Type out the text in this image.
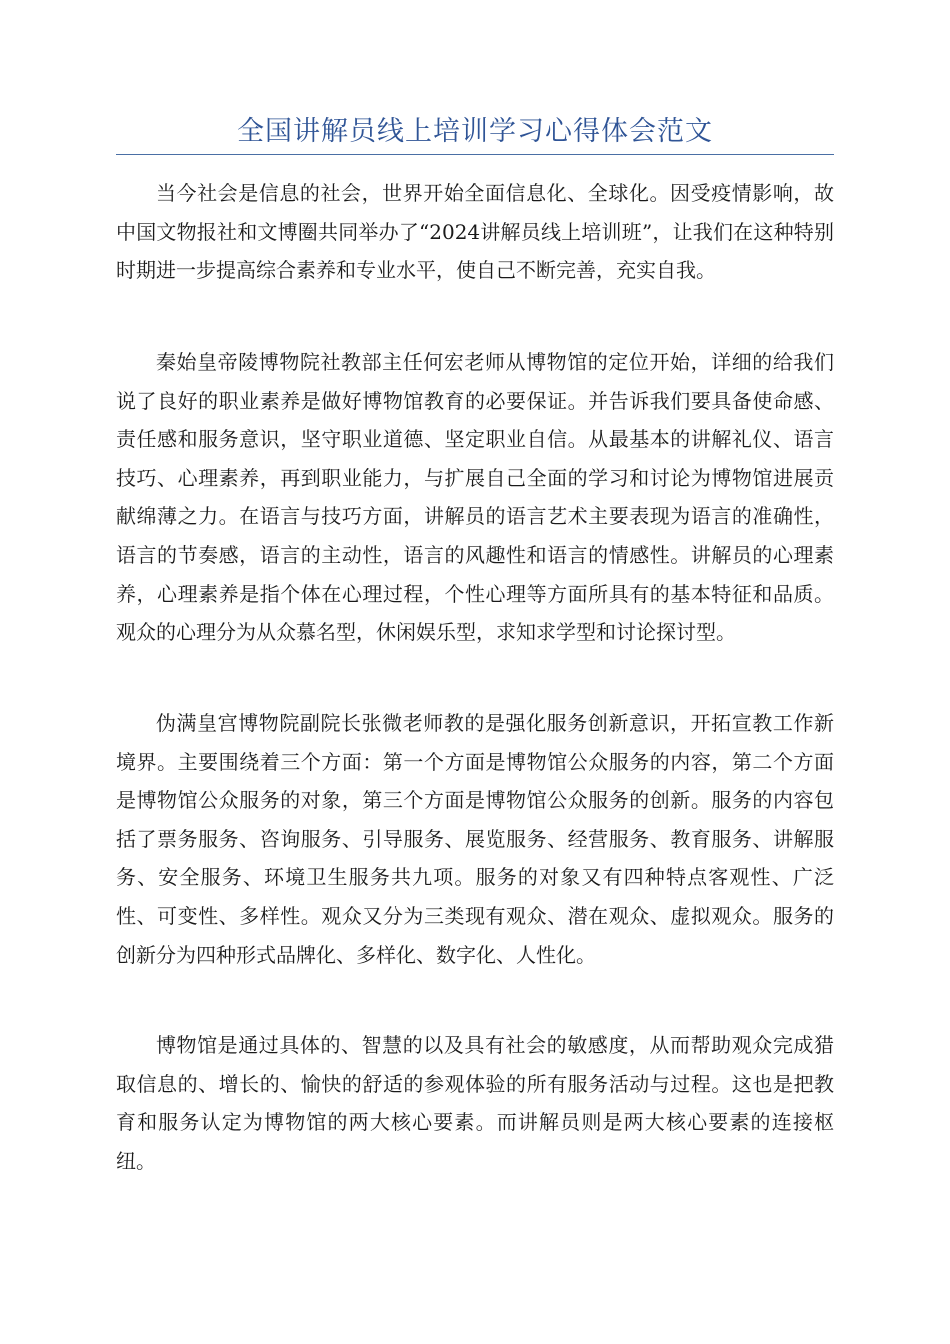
全国讲解员线上培训学习心得体会范文

当今社会是信息的社会，世界开始全面信息化、全球化。因受疫情影响，故中国文物报社和文博圈共同举办了“2024讲解员线上培训班”，让我们在这种特别时期进一步提高综合素养和专业水平，使自己不断完善，充实自我。

秦始皇帝陵博物院社教部主任何宏老师从博物馆的定位开始，详细的给我们说了良好的职业素养是做好博物馆教育的必要保证。并告诉我们要具备使命感、责任感和服务意识，坚守职业道德、坚定职业自信。从最基本的讲解礼仪、语言技巧、心理素养，再到职业能力，与扩展自己全面的学习和讨论为博物馆进展贡献绵薄之力。在语言与技巧方面，讲解员的语言艺术主要表现为语言的准确性，语言的节奏感，语言的主动性，语言的风趣性和语言的情感性。讲解员的心理素养，心理素养是指个体在心理过程，个性心理等方面所具有的基本特征和品质。观众的心理分为从众慕名型，休闲娱乐型，求知求学型和讨论探讨型。

伪满皇宫博物院副院长张微老师教的是强化服务创新意识，开拓宣教工作新境界。主要围绕着三个方面：第一个方面是博物馆公众服务的内容，第二个方面是博物馆公众服务的对象，第三个方面是博物馆公众服务的创新。服务的内容包括了票务服务、咨询服务、引导服务、展览服务、经营服务、教育服务、讲解服务、安全服务、环境卫生服务共九项。服务的对象又有四种特点客观性、广泛性、可变性、多样性。观众又分为三类现有观众、潜在观众、虚拟观众。服务的创新分为四种形式品牌化、多样化、数字化、人性化。

博物馆是通过具体的、智慧的以及具有社会的敏感度，从而帮助观众完成猎取信息的、增长的、愉快的舒适的参观体验的所有服务活动与过程。这也是把教育和服务认定为博物馆的两大核心要素。而讲解员则是两大核心要素的连接枢纽。
